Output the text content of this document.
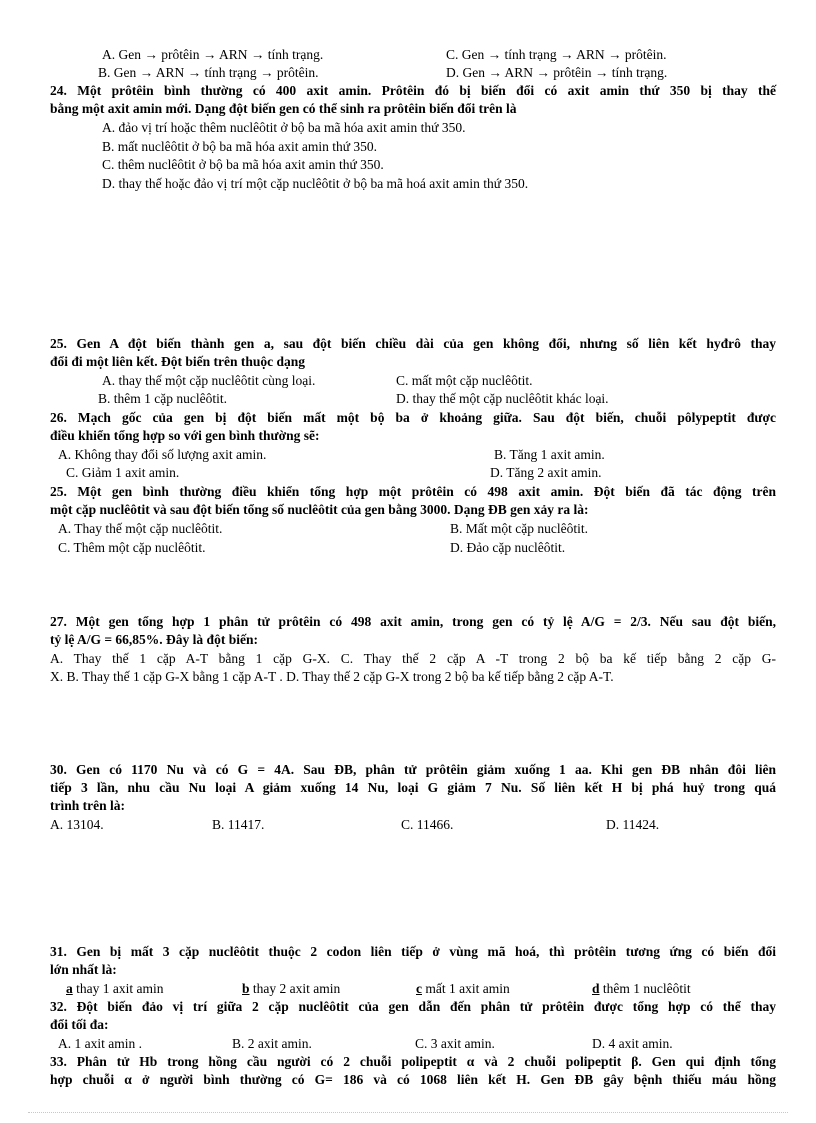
A. Gen → prôtêin → ARN → tính trạng.	C. Gen → tính trạng → ARN → prôtêin.
B. Gen → ARN → tính trạng → prôtêin.	D. Gen → ARN → prôtêin → tính trạng.
24. Một prôtêin bình thường có 400 axit amin. Prôtêin đó bị biến đổi có axit amin thứ 350 bị thay thế
bằng một axit amin mới. Dạng đột biến gen có thể sinh ra prôtêin biến đổi trên là
A. đảo vị trí hoặc thêm nuclêôtit ở bộ ba mã hóa axit amin thứ 350.
B. mất nuclêôtit ở bộ ba mã hóa axit amin thứ 350.
C. thêm nuclêôtit ở bộ ba mã hóa axit amin thứ 350.
D. thay thế hoặc đảo vị trí một cặp nuclêôtit ở bộ ba mã hoá axit amin thứ 350.
25. Gen A đột biến thành gen a, sau đột biến chiều dài của gen không đổi, nhưng số liên kết hyđrô thay
đổi đi một liên kết. Đột biến trên thuộc dạng
A. thay thế một cặp nuclêôtit cùng loại.	C. mất một cặp nuclêôtit.
B. thêm 1 cặp nuclêôtit.	D. thay thế một cặp nuclêôtit khác loại.
26. Mạch gốc của gen bị đột biến mất một bộ ba ở khoảng giữa. Sau đột biến, chuỗi pôlypeptit được
điều khiển tổng hợp so với gen bình thường sẽ:
A. Không thay đổi số lượng axit amin.	B. Tăng 1 axit amin.
C. Giảm 1 axit amin.	D. Tăng 2 axit amin.
25. Một gen bình thường điều khiển tổng hợp một prôtêin có 498 axit amin. Đột biến đã tác động trên
một cặp nuclêôtit và sau đột biến tổng số nuclêôtit của gen bằng 3000. Dạng ĐB gen xảy ra là:
A. Thay thế một cặp nuclêôtit.	B. Mất một cặp nuclêôtit.
C. Thêm một cặp nuclêôtit.	D. Đảo cặp nuclêôtit.
27. Một gen tổng hợp 1 phân tử prôtêin có 498 axit amin, trong gen có tỷ lệ A/G = 2/3. Nếu sau đột biến,
tỷ lệ A/G = 66,85%. Đây là đột biến:
A. Thay thế 1 cặp A-T bằng 1 cặp G-X. C. Thay thế 2 cặp A -T trong 2 bộ ba kế tiếp bằng 2 cặp G-
X. B. Thay thế 1 cặp G-X bằng 1 cặp A-T . D. Thay thế 2 cặp G-X trong 2 bộ ba kế tiếp bằng 2 cặp A-T.
30. Gen có 1170 Nu và có G = 4A. Sau ĐB, phân tử prôtêin giảm xuống 1 aa. Khi gen ĐB nhân đôi liên
tiếp 3 lần, nhu cầu Nu loại A giảm xuống 14 Nu, loại G giảm 7 Nu. Số liên kết H bị phá huỷ trong quá
trình trên là:
A. 13104.	B. 11417.	C. 11466.	D. 11424.
31. Gen bị mất 3 cặp nuclêôtit thuộc 2 codon liên tiếp ở vùng mã hoá, thì prôtêin tương ứng có biến đổi
lớn nhất là:
a thay 1 axit amin	b thay 2 axit amin	c mất 1 axit amin	d thêm 1 nuclêôtit
32. Đột biến đảo vị trí giữa 2 cặp nuclêôtit của gen dẫn đến phân tử prôtêin được tổng hợp có thể thay
đổi tối đa:
A. 1 axit amin .	B. 2 axit amin.	C. 3 axit amin.	D. 4 axit amin.
33. Phân tử Hb trong hồng cầu người có 2 chuỗi polipeptit α và 2 chuỗi polipeptit β. Gen qui định tổng
hợp chuỗi α ở người bình thường có G= 186 và có 1068 liên kết H. Gen ĐB gây bệnh thiếu máu hồng
